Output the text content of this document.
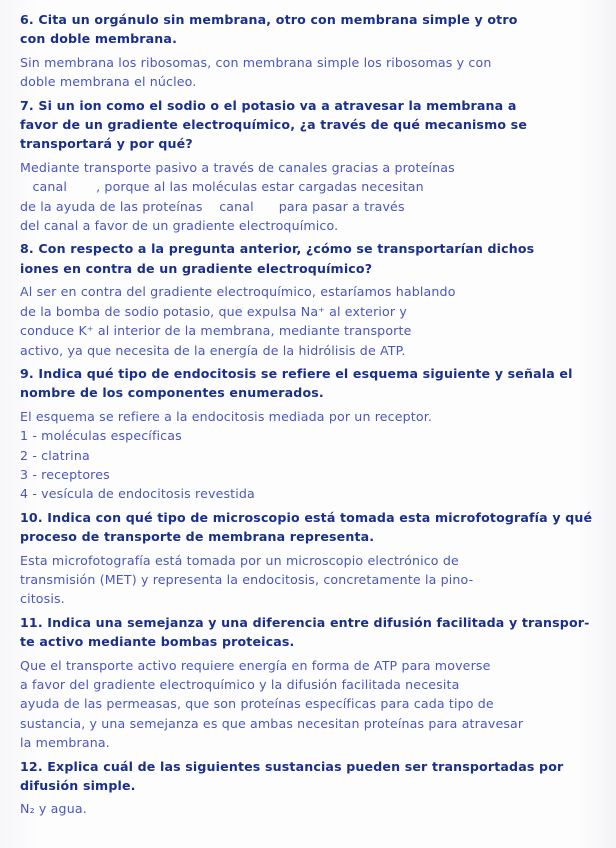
6. Cita un orgánulo sin membrana, otro con membrana simple y otro
con doble membrana.
Sin membrana los ribosomas, con membrana simple los ribosomas y con
doble membrana el núcleo.
7. Si un ion como el sodio o el potasio va a atravesar la membrana a
favor de un gradiente electroquímico, ¿a través de qué mecanismo se
transportará y por qué?
Mediante transporte pasivo a través de canales gracias a proteínas
canal       , porque al las moléculas estar cargadas necesitan
de la ayuda de las proteínas    canal      para pasar a través
del canal a favor de un gradiente electroquímico.
8. Con respecto a la pregunta anterior, ¿cómo se transportarían dichos
iones en contra de un gradiente electroquímico?
Al ser en contra del gradiente electroquímico, estaríamos hablando
de la bomba de sodio potasio, que expulsa Na⁺ al exterior y
conduce K⁺ al interior de la membrana, mediante transporte
activo, ya que necesita de la energía de la hidrólisis de ATP.
9. Indica qué tipo de endocitosis se refiere el esquema siguiente y señala el
nombre de los componentes enumerados.
El esquema se refiere a la endocitosis mediada por un receptor.
1 - moléculas específicas
2 - clatrina
3 - receptores
4 - vesícula de endocitosis revestida
10. Indica con qué tipo de microscopio está tomada esta microfotografía y qué
proceso de transporte de membrana representa.
Esta microfotografía está tomada por un microscopio electrónico de
transmisión (MET) y representa la endocitosis, concretamente la pino-
citosis.
11. Indica una semejanza y una diferencia entre difusión facilitada y transpor-
te activo mediante bombas proteicas.
Que el transporte activo requiere energía en forma de ATP para moverse
a favor del gradiente electroquímico y la difusión facilitada necesita
ayuda de las permeasas, que son proteínas específicas para cada tipo de
sustancia, y una semejanza es que ambas necesitan proteínas para atravesar
la membrana.
12. Explica cuál de las siguientes sustancias pueden ser transportadas por
difusión simple.
N₂ y agua.
